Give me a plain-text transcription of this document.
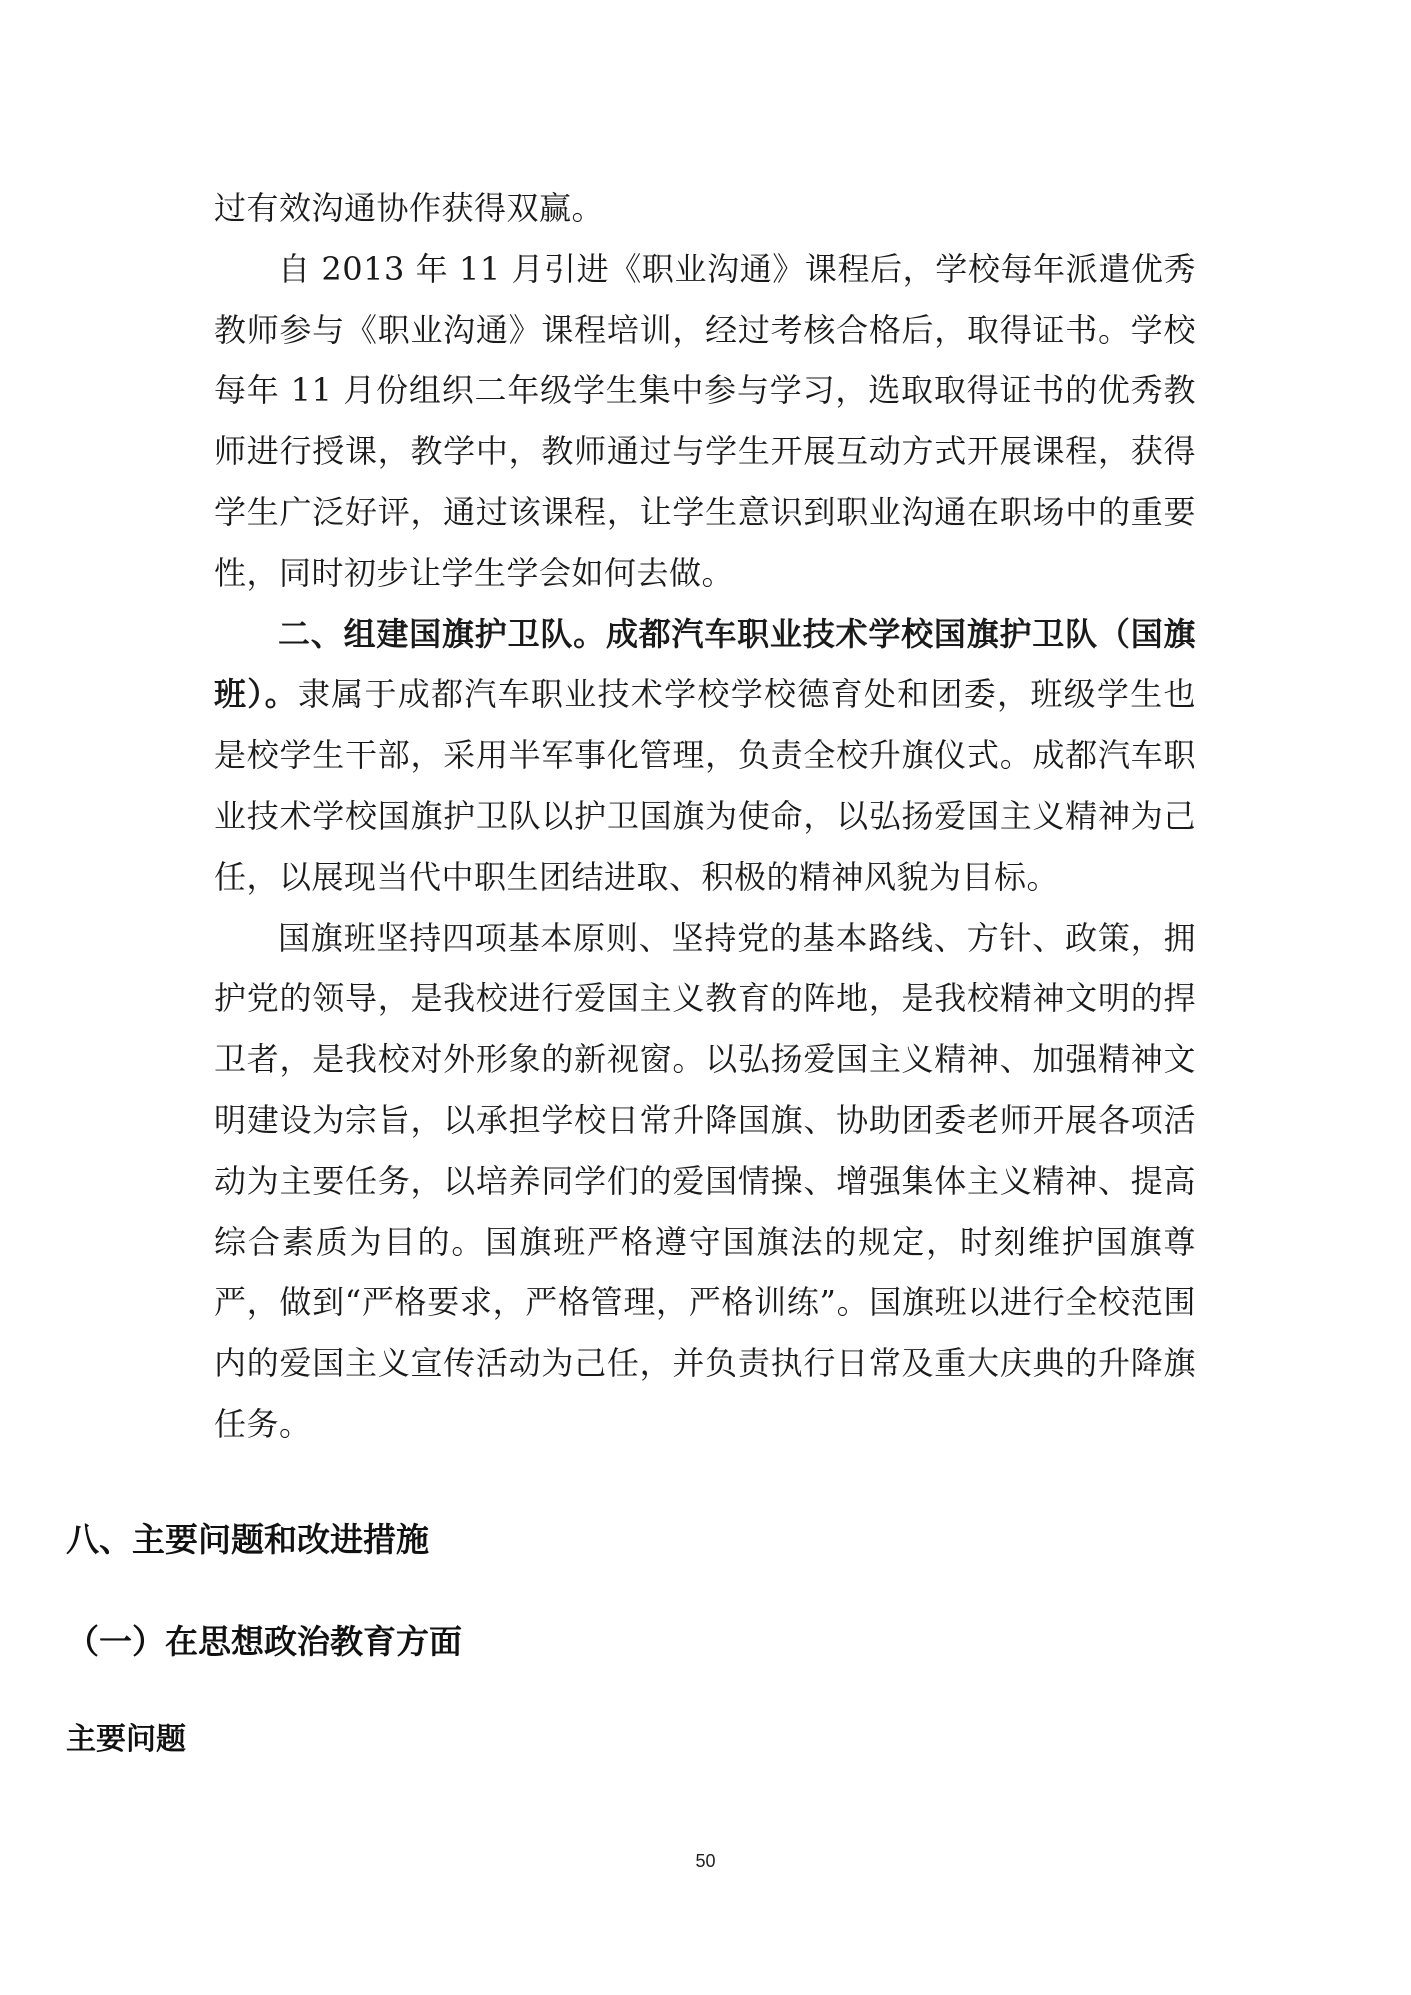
过有效沟通协作获得双赢。

自 2013 年 11 月引进《职业沟通》课程后，学校每年派遣优秀教师参与《职业沟通》课程培训，经过考核合格后，取得证书。学校每年 11 月份组织二年级学生集中参与学习，选取取得证书的优秀教师进行授课，教学中，教师通过与学生开展互动方式开展课程，获得学生广泛好评，通过该课程，让学生意识到职业沟通在职场中的重要性，同时初步让学生学会如何去做。

二、组建国旗护卫队。成都汽车职业技术学校国旗护卫队（国旗班）。隶属于成都汽车职业技术学校学校德育处和团委，班级学生也是校学生干部，采用半军事化管理，负责全校升旗仪式。成都汽车职业技术学校国旗护卫队以护卫国旗为使命，以弘扬爱国主义精神为己任，以展现当代中职生团结进取、积极的精神风貌为目标。

国旗班坚持四项基本原则、坚持党的基本路线、方针、政策，拥护党的领导，是我校进行爱国主义教育的阵地，是我校精神文明的捍卫者，是我校对外形象的新视窗。以弘扬爱国主义精神、加强精神文明建设为宗旨，以承担学校日常升降国旗、协助团委老师开展各项活动为主要任务，以培养同学们的爱国情操、增强集体主义精神、提高综合素质为目的。国旗班严格遵守国旗法的规定，时刻维护国旗尊严，做到“严格要求，严格管理，严格训练”。国旗班以进行全校范围内的爱国主义宣传活动为己任，并负责执行日常及重大庆典的升降旗任务。

八、主要问题和改进措施
（一）在思想政治教育方面
主要问题
50
